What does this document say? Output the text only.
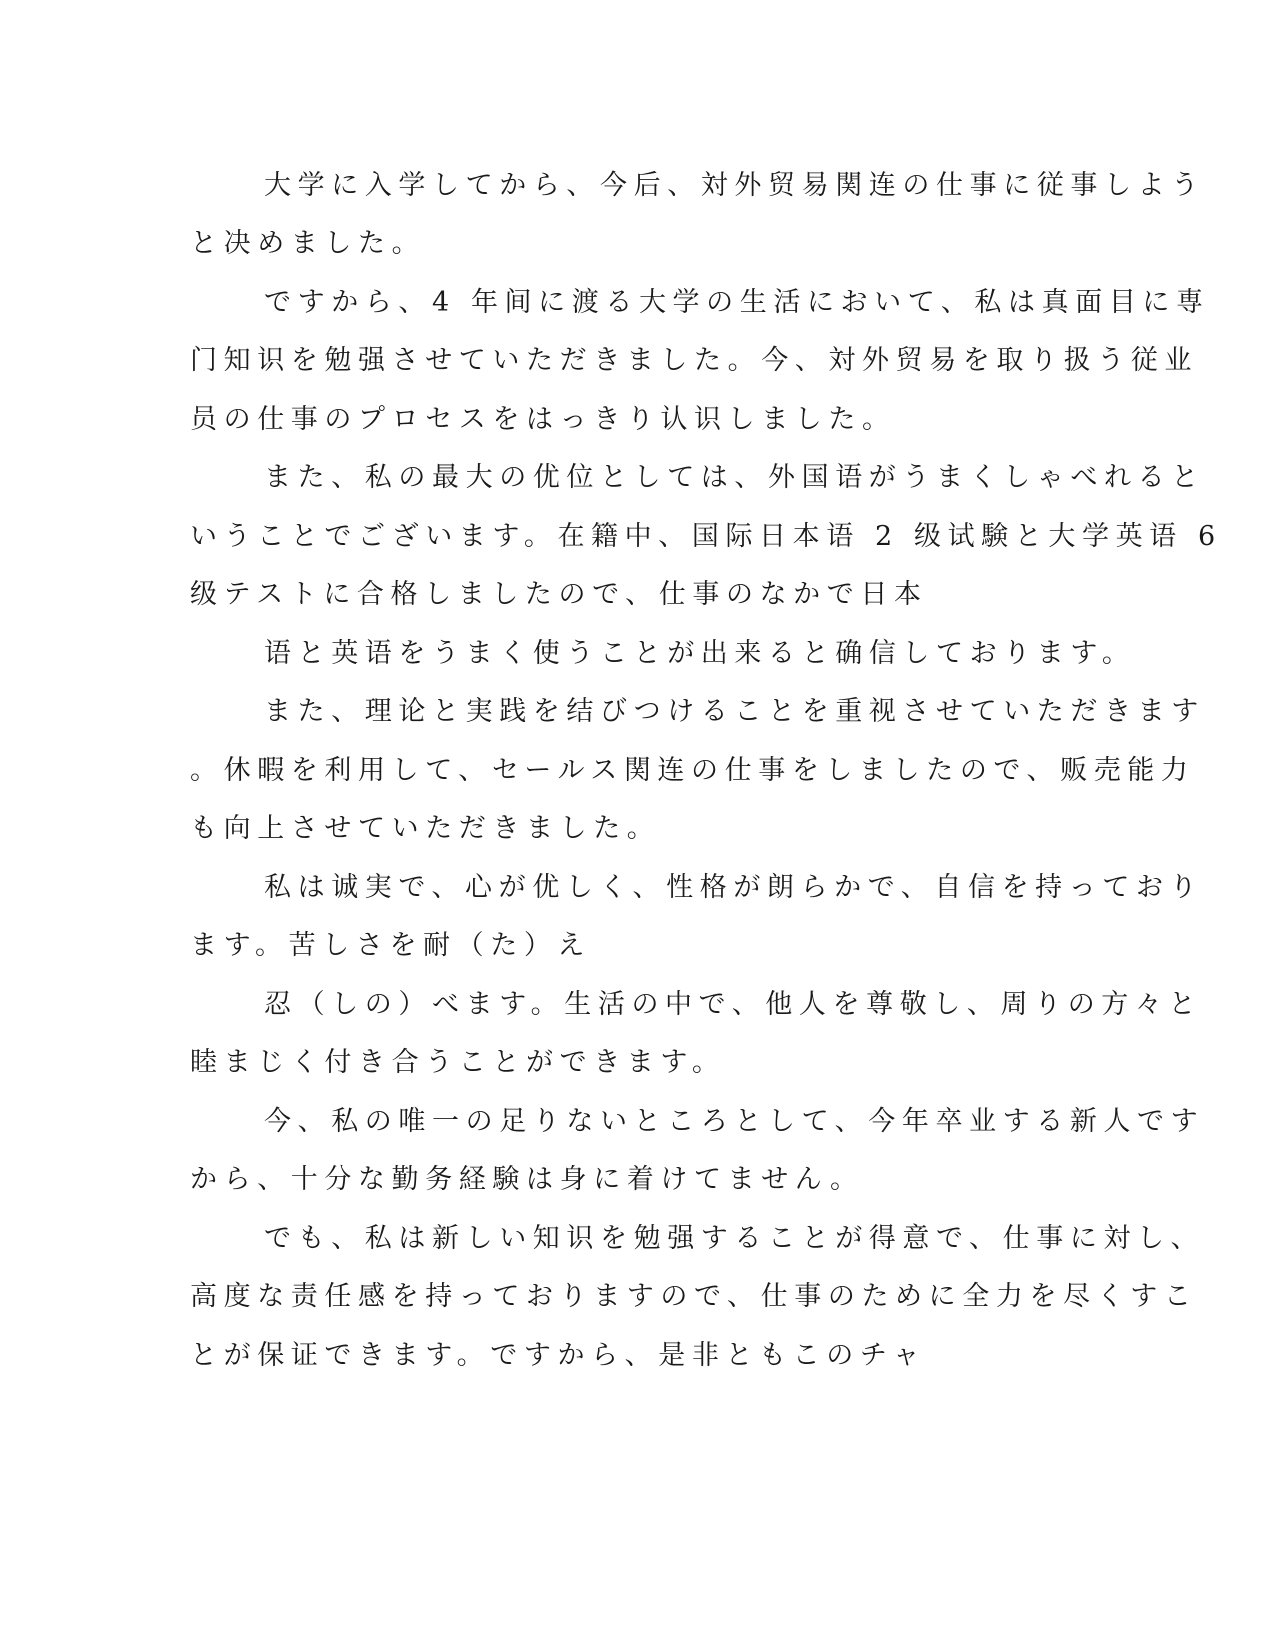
大学に入学してから、今后、対外贸易関连の仕事に従事しよう
と决めました。
ですから、4 年间に渡る大学の生活において、私は真面目に専
门知识を勉强させていただきました。今、対外贸易を取り扱う従业
员の仕事のプロセスをはっきり认识しました。
また、私の最大の优位としては、外国语がうまくしゃべれると
いうことでございます。在籍中、国际日本语 2 级试験と大学英语 6
级テストに合格しましたので、仕事のなかで日本
语と英语をうまく使うことが出来ると确信しております。
また、理论と実践を结びつけることを重视させていただきます
。休暇を利用して、セールス関连の仕事をしましたので、贩売能力
も向上させていただきました。
私は诚実で、心が优しく、性格が朗らかで、自信を持っており
ます。苦しさを耐（た）え
忍（しの）べます。生活の中で、他人を尊敬し、周りの方々と
睦まじく付き合うことができます。
今、私の唯一の足りないところとして、今年卒业する新人です
から、十分な勤务経験は身に着けてません。
でも、私は新しい知识を勉强することが得意で、仕事に対し、
高度な责任感を持っておりますので、仕事のために全力を尽くすこ
とが保证できます。ですから、是非ともこのチャ
